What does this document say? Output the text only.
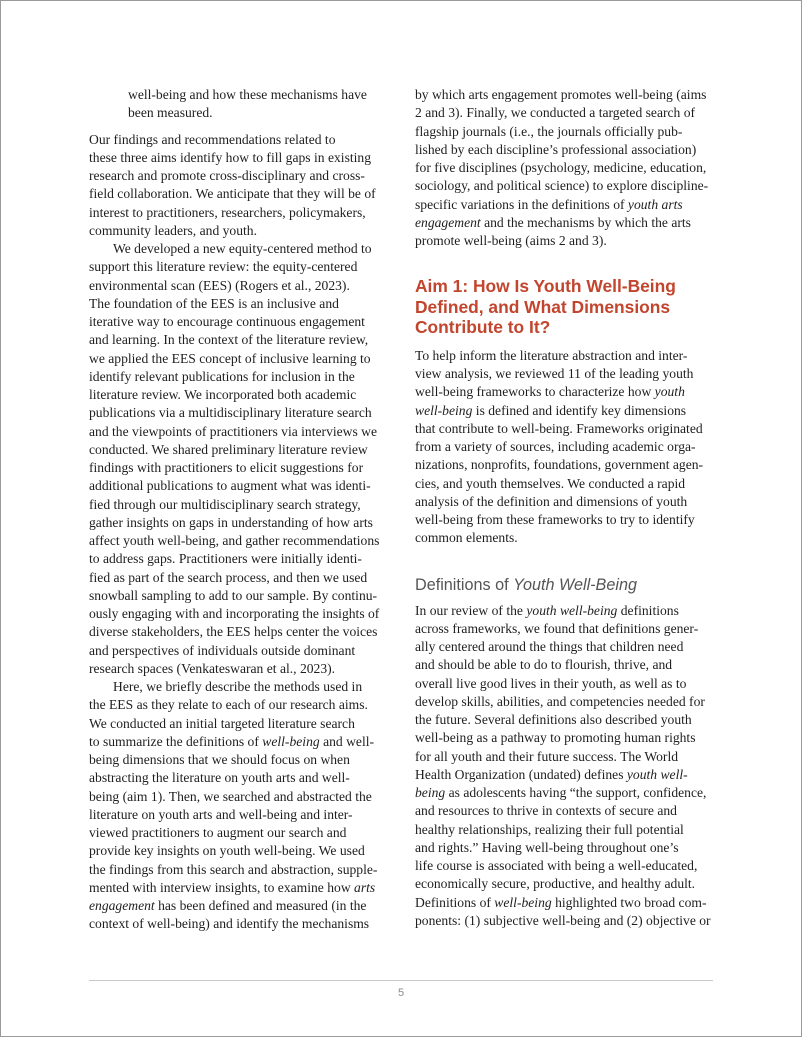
well-being and how these mechanisms have
been measured.
Our findings and recommendations related to
these three aims identify how to fill gaps in existing
research and promote cross-disciplinary and cross-
field collaboration. We anticipate that they will be of
interest to practitioners, researchers, policymakers,
community leaders, and youth.
We developed a new equity-centered method to
support this literature review: the equity-centered
environmental scan (EES) (Rogers et al., 2023).
The foundation of the EES is an inclusive and
iterative way to encourage continuous engagement
and learning. In the context of the literature review,
we applied the EES concept of inclusive learning to
identify relevant publications for inclusion in the
literature review. We incorporated both academic
publications via a multidisciplinary literature search
and the viewpoints of practitioners via interviews we
conducted. We shared preliminary literature review
findings with practitioners to elicit suggestions for
additional publications to augment what was identi-
fied through our multidisciplinary search strategy,
gather insights on gaps in understanding of how arts
affect youth well-being, and gather recommendations
to address gaps. Practitioners were initially identi-
fied as part of the search process, and then we used
snowball sampling to add to our sample. By continu-
ously engaging with and incorporating the insights of
diverse stakeholders, the EES helps center the voices
and perspectives of individuals outside dominant
research spaces (Venkateswaran et al., 2023).
Here, we briefly describe the methods used in
the EES as they relate to each of our research aims.
We conducted an initial targeted literature search
to summarize the definitions of well-being and well-
being dimensions that we should focus on when
abstracting the literature on youth arts and well-
being (aim 1). Then, we searched and abstracted the
literature on youth arts and well-being and inter-
viewed practitioners to augment our search and
provide key insights on youth well-being. We used
the findings from this search and abstraction, supple-
mented with interview insights, to examine how arts
engagement has been defined and measured (in the
context of well-being) and identify the mechanisms
by which arts engagement promotes well-being (aims
2 and 3). Finally, we conducted a targeted search of
flagship journals (i.e., the journals officially pub-
lished by each discipline’s professional association)
for five disciplines (psychology, medicine, education,
sociology, and political science) to explore discipline-
specific variations in the definitions of youth arts
engagement and the mechanisms by which the arts
promote well-being (aims 2 and 3).
Aim 1: How Is Youth Well-Being
Defined, and What Dimensions
Contribute to It?
To help inform the literature abstraction and inter-
view analysis, we reviewed 11 of the leading youth
well-being frameworks to characterize how youth
well-being is defined and identify key dimensions
that contribute to well-being. Frameworks originated
from a variety of sources, including academic orga-
nizations, nonprofits, foundations, government agen-
cies, and youth themselves. We conducted a rapid
analysis of the definition and dimensions of youth
well-being from these frameworks to try to identify
common elements.
Definitions of Youth Well-Being
In our review of the youth well-being definitions
across frameworks, we found that definitions gener-
ally centered around the things that children need
and should be able to do to flourish, thrive, and
overall live good lives in their youth, as well as to
develop skills, abilities, and competencies needed for
the future. Several definitions also described youth
well-being as a pathway to promoting human rights
for all youth and their future success. The World
Health Organization (undated) defines youth well-
being as adolescents having “the support, confidence,
and resources to thrive in contexts of secure and
healthy relationships, realizing their full potential
and rights.” Having well-being throughout one’s
life course is associated with being a well-educated,
economically secure, productive, and healthy adult.
Definitions of well-being highlighted two broad com-
ponents: (1) subjective well-being and (2) objective or
5
